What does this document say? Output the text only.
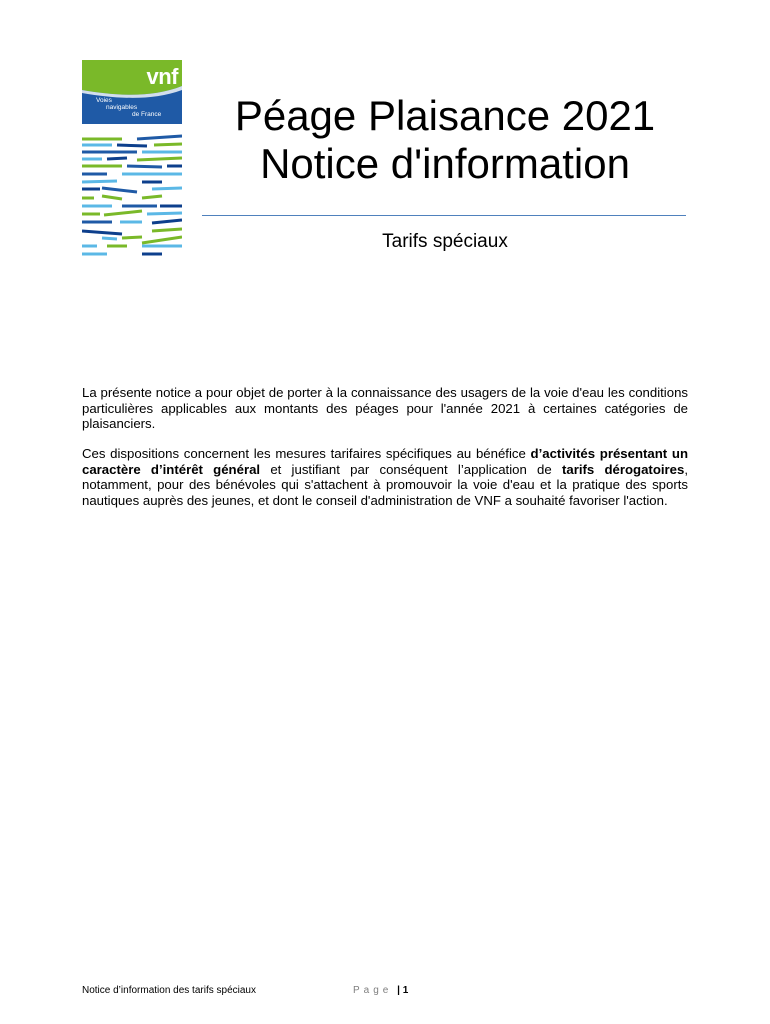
vnf
Voies
navigables
de France	Péage Plaisance 2021
Notice d'information
Tarifs spéciaux

La présente notice a pour objet de porter à la connaissance des usagers de la voie d'eau les conditions particulières applicables aux montants des péages pour l'année 2021 à certaines catégories de plaisanciers.

Ces dispositions concernent les mesures tarifaires spécifiques au bénéfice d’activités présentant un caractère d’intérêt général et justifiant par conséquent l’application de tarifs dérogatoires, notamment, pour des bénévoles qui s'attachent à promouvoir la voie d'eau et la pratique des sports nautiques auprès des jeunes, et dont le conseil d'administration de VNF a souhaité favoriser l'action.

Notice d’information des tarifs spéciaux	Page | 1
